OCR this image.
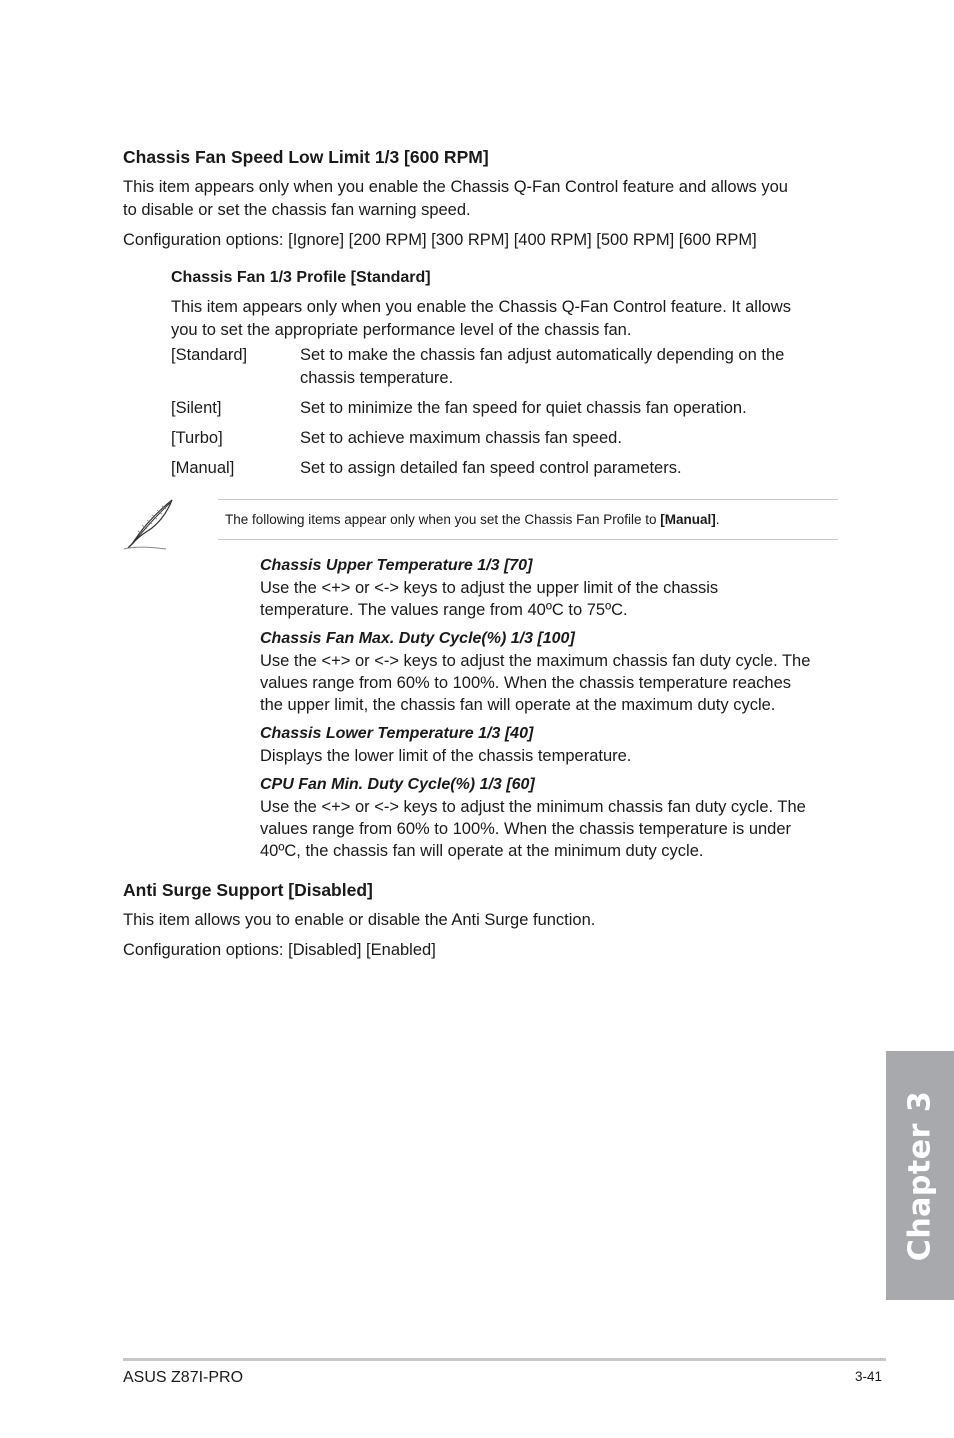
Chassis Fan Speed Low Limit 1/3 [600 RPM]
This item appears only when you enable the Chassis Q-Fan Control feature and allows you
to disable or set the chassis fan warning speed.
Configuration options: [Ignore] [200 RPM] [300 RPM] [400 RPM] [500 RPM] [600 RPM]
Chassis Fan 1/3 Profile [Standard]
This item appears only when you enable the Chassis Q-Fan Control feature. It allows
you to set the appropriate performance level of the chassis fan.
[Standard]	Set to make the chassis fan adjust automatically depending on the
chassis temperature.
[Silent]	Set to minimize the fan speed for quiet chassis fan operation.
[Turbo]	Set to achieve maximum chassis fan speed.
[Manual]	Set to assign detailed fan speed control parameters.
The following items appear only when you set the Chassis Fan Profile to [Manual].
Chassis Upper Temperature 1/3 [70]
Use the <+> or <-> keys to adjust the upper limit of the chassis
temperature. The values range from 40ºC to 75ºC.
Chassis Fan Max. Duty Cycle(%) 1/3 [100]
Use the <+> or <-> keys to adjust the maximum chassis fan duty cycle. The
values range from 60% to 100%. When the chassis temperature reaches
the upper limit, the chassis fan will operate at the maximum duty cycle.
Chassis Lower Temperature 1/3 [40]
Displays the lower limit of the chassis temperature.
CPU Fan Min. Duty Cycle(%) 1/3 [60]
Use the <+> or <-> keys to adjust the minimum chassis fan duty cycle. The
values range from 60% to 100%. When the chassis temperature is under
40ºC, the chassis fan will operate at the minimum duty cycle.
Anti Surge Support [Disabled]
This item allows you to enable or disable the Anti Surge function.
Configuration options: [Disabled] [Enabled]
Chapter 3
ASUS Z87I-PRO	3-41
